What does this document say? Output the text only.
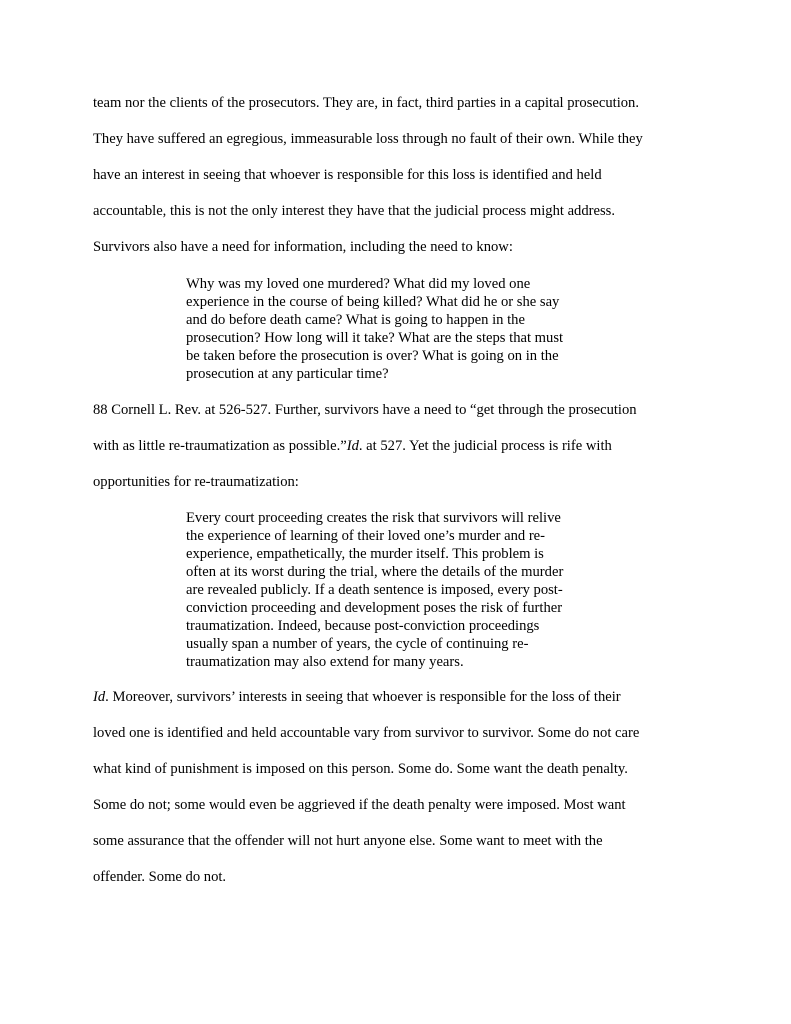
team nor the clients of the prosecutors. They are, in fact, third parties in a capital prosecution.
They have suffered an egregious, immeasurable loss through no fault of their own. While they
have an interest in seeing that whoever is responsible for this loss is identified and held
accountable, this is not the only interest they have that the judicial process might address.
Survivors also have a need for information, including the need to know:
Why was my loved one murdered? What did my loved one
experience in the course of being killed? What did he or she say
and do before death came? What is going to happen in the
prosecution? How long will it take? What are the steps that must
be taken before the prosecution is over? What is going on in the
prosecution at any particular time?
88 Cornell L. Rev. at 526-527. Further, survivors have a need to “get through the prosecution
with as little re-traumatization as possible.”Id. at 527. Yet the judicial process is rife with
opportunities for re-traumatization:
Every court proceeding creates the risk that survivors will relive
the experience of learning of their loved one’s murder and re-
experience, empathetically, the murder itself. This problem is
often at its worst during the trial, where the details of the murder
are revealed publicly. If a death sentence is imposed, every post-
conviction proceeding and development poses the risk of further
traumatization. Indeed, because post-conviction proceedings
usually span a number of years, the cycle of continuing re-
traumatization may also extend for many years.
Id. Moreover, survivors’ interests in seeing that whoever is responsible for the loss of their
loved one is identified and held accountable vary from survivor to survivor. Some do not care
what kind of punishment is imposed on this person. Some do. Some want the death penalty.
Some do not; some would even be aggrieved if the death penalty were imposed. Most want
some assurance that the offender will not hurt anyone else. Some want to meet with the
offender. Some do not.
